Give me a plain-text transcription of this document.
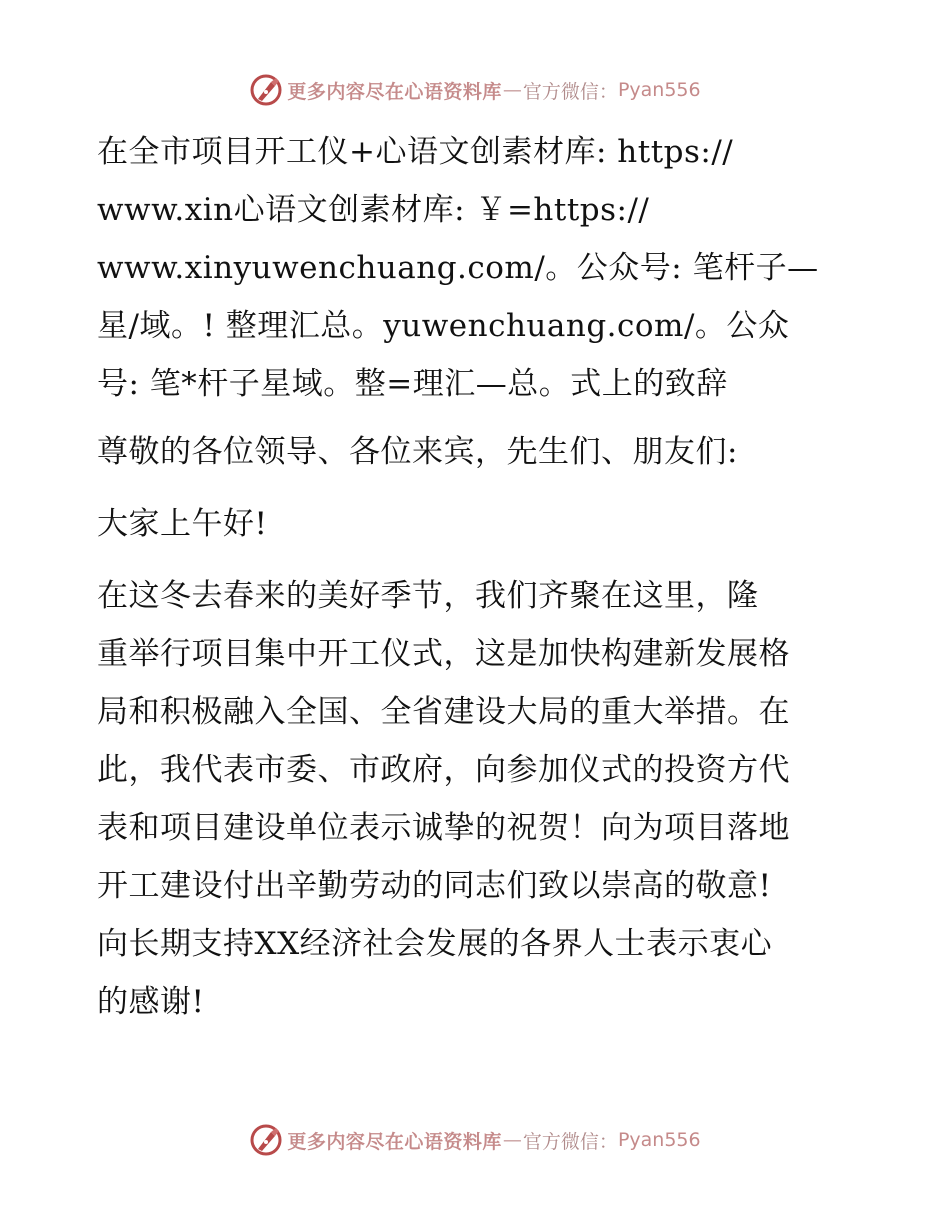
更多内容尽在心语资料库 — 官方微信： Pyan556
在全市项目开工仪+心语文创素材库: https://
www.xin心语文创素材库: ￥=https://
www.xinyuwenchuang.com/。公众号: 笔杆子—
星/域。! 整理汇总。yuwenchuang.com/。公众
号: 笔*杆子星域。整=理汇—总。式上的致辞
尊敬的各位领导、各位来宾，先生们、朋友们:
大家上午好!
在这冬去春来的美好季节，我们齐聚在这里，隆
重举行项目集中开工仪式，这是加快构建新发展格
局和积极融入全国、全省建设大局的重大举措。在
此，我代表市委、市政府，向参加仪式的投资方代
表和项目建设单位表示诚挚的祝贺！向为项目落地
开工建设付出辛勤劳动的同志们致以崇高的敬意!
向长期支持XX经济社会发展的各界人士表示衷心
的感谢!
更多内容尽在心语资料库 — 官方微信： Pyan556
